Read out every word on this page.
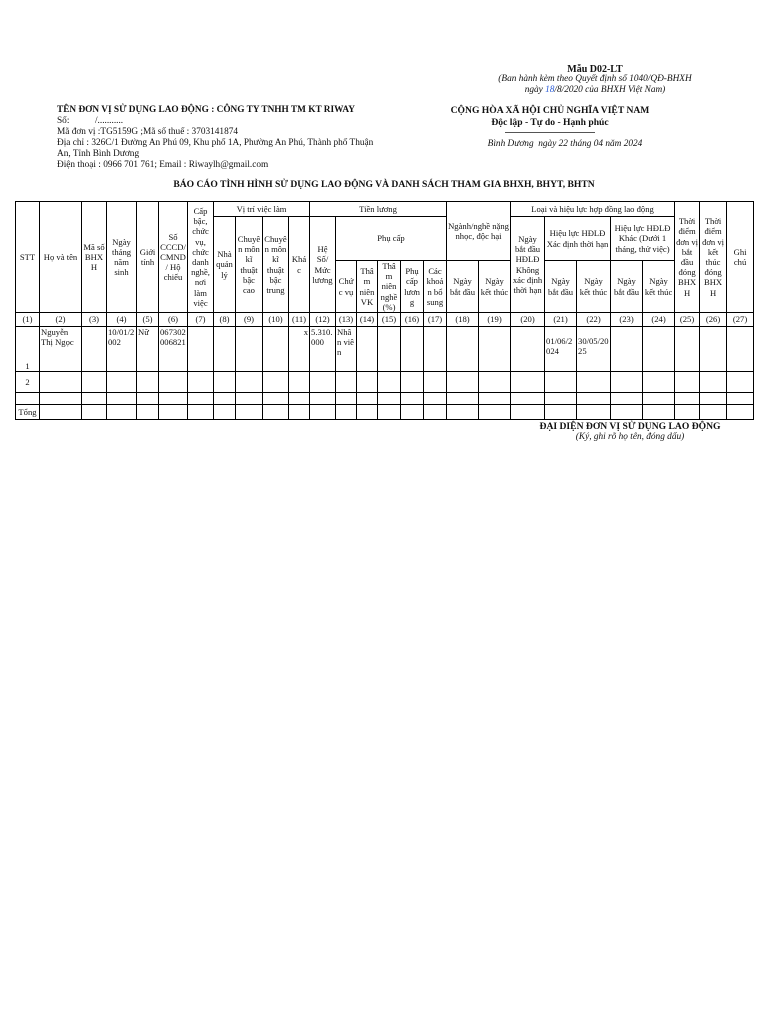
Mẫu D02-LT
(Ban hành kèm theo Quyết định số 1040/QĐ-BHXH
ngày 18/8/2020 của BHXH Việt Nam)
TÊN ĐƠN VỊ SỬ DỤNG LAO ĐỘNG : CÔNG TY TNHH TM KT RIWAY
Số:           /...........
Mã đơn vị :TG5159G ;Mã số thuế : 3703141874
Địa chỉ : 326C/1 Đường An Phú 09, Khu phố 1A, Phường An Phú, Thành phố Thuận
An, Tỉnh Bình Dương
Điện thoại : 0966 701 761; Email : Riwaylh@gmail.com
CỘNG HÒA XÃ HỘI CHỦ NGHĨA VIỆT NAM
Độc lập - Tự do - Hạnh phúc
Bình Dương  ngày 22 tháng 04 năm 2024
BÁO CÁO TÌNH HÌNH SỬ DỤNG LAO ĐỘNG VÀ DANH SÁCH THAM GIA BHXH, BHYT, BHTN
STT	Họ và tên	Mã số BHXH	Ngày tháng năm sinh	Giới tính	Số CCCD/ CMND / Hộ chiếu	Cấp bậc, chức vụ, chức danh nghề, nơi làm việc	Vị trí việc làm				Tiền lương						Ngành/nghề nặng nhọc, độc hại		Loại và hiệu lực hợp đồng lao động					Thời điểm đơn vị bắt đầu đóng BHXH	Thời điểm đơn vị kết thúc đóng BHXH	Ghi chú
							Nhà quản lý	Chuyên môn kĩ thuật bậc cao	Chuyên môn kĩ thuật bậc trung	Khác	Hệ Số/ Mức lương	Phụ cấp							Ngày bắt đầu HĐLĐ Không xác định thời hạn	Hiệu lực HĐLĐ Xác định thời hạn		Hiệu lực HĐLĐ Khác (Dưới 1 tháng, thử việc)				
												Chức vụ	Thâm niên VK	Thâm niên nghề (%)	Phụ cấp lương	Các khoản bổ sung	Ngày bắt đầu	Ngày kết thúc		Ngày bắt đầu	Ngày kết thúc	Ngày bắt đầu	Ngày kết thúc			
(1)	(2)	(3)	(4)	(5)	(6)	(7)	(8)	(9)	(10)	(11)	(12)	(13)	(14)	(15)	(16)	(17)	(18)	(19)	(20)	(21)	(22)	(23)	(24)	(25)	(26)	(27)
1	Nguyễn Thị Ngọc		10/01/2002	Nữ	067302006821					x	5.310.000	Nhân viên								01/06/2024	30/05/2025					
2																										

Tổng																										
ĐẠI DIỆN ĐƠN VỊ SỬ DỤNG LAO ĐỘNG
(Ký, ghi rõ họ tên, đóng dấu)
